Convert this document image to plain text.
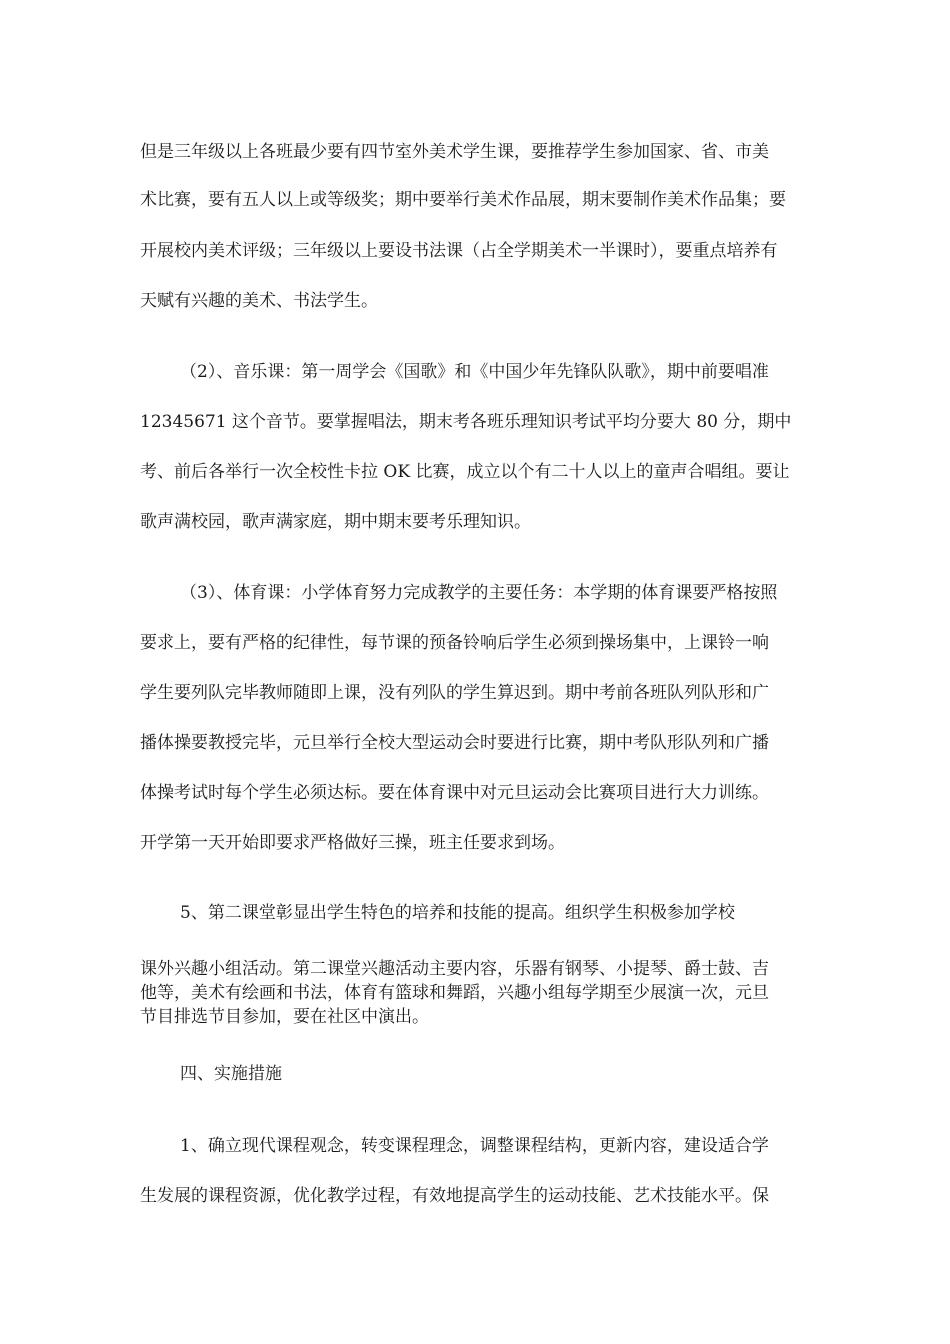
但是三年级以上各班最少要有四节室外美术学生课，要推荐学生参加国家、省、市美
术比赛，要有五人以上或等级奖；期中要举行美术作品展，期末要制作美术作品集；要
开展校内美术评级；三年级以上要设书法课（占全学期美术一半课时），要重点培养有
天赋有兴趣的美术、书法学生。
（2）、音乐课：第一周学会《国歌》和《中国少年先锋队队歌》，期中前要唱准
12345671 这个音节。要掌握唱法，期末考各班乐理知识考试平均分要大 80 分，期中
考、前后各举行一次全校性卡拉 OK 比赛，成立以个有二十人以上的童声合唱组。要让
歌声满校园，歌声满家庭，期中期末要考乐理知识。
（3）、体育课：小学体育努力完成教学的主要任务：本学期的体育课要严格按照
要求上，要有严格的纪律性，每节课的预备铃响后学生必须到操场集中，上课铃一响
学生要列队完毕教师随即上课，没有列队的学生算迟到。期中考前各班队列队形和广
播体操要教授完毕，元旦举行全校大型运动会时要进行比赛，期中考队形队列和广播
体操考试时每个学生必须达标。要在体育课中对元旦运动会比赛项目进行大力训练。
开学第一天开始即要求严格做好三操，班主任要求到场。
5、第二课堂彰显出学生特色的培养和技能的提高。组织学生积极参加学校
课外兴趣小组活动。第二课堂兴趣活动主要内容，乐器有钢琴、小提琴、爵士鼓、吉
他等，美术有绘画和书法，体育有篮球和舞蹈，兴趣小组每学期至少展演一次，元旦
节目排选节目参加，要在社区中演出。
四、实施措施
1、确立现代课程观念，转变课程理念，调整课程结构，更新内容，建设适合学
生发展的课程资源，优化教学过程，有效地提高学生的运动技能、艺术技能水平。保
